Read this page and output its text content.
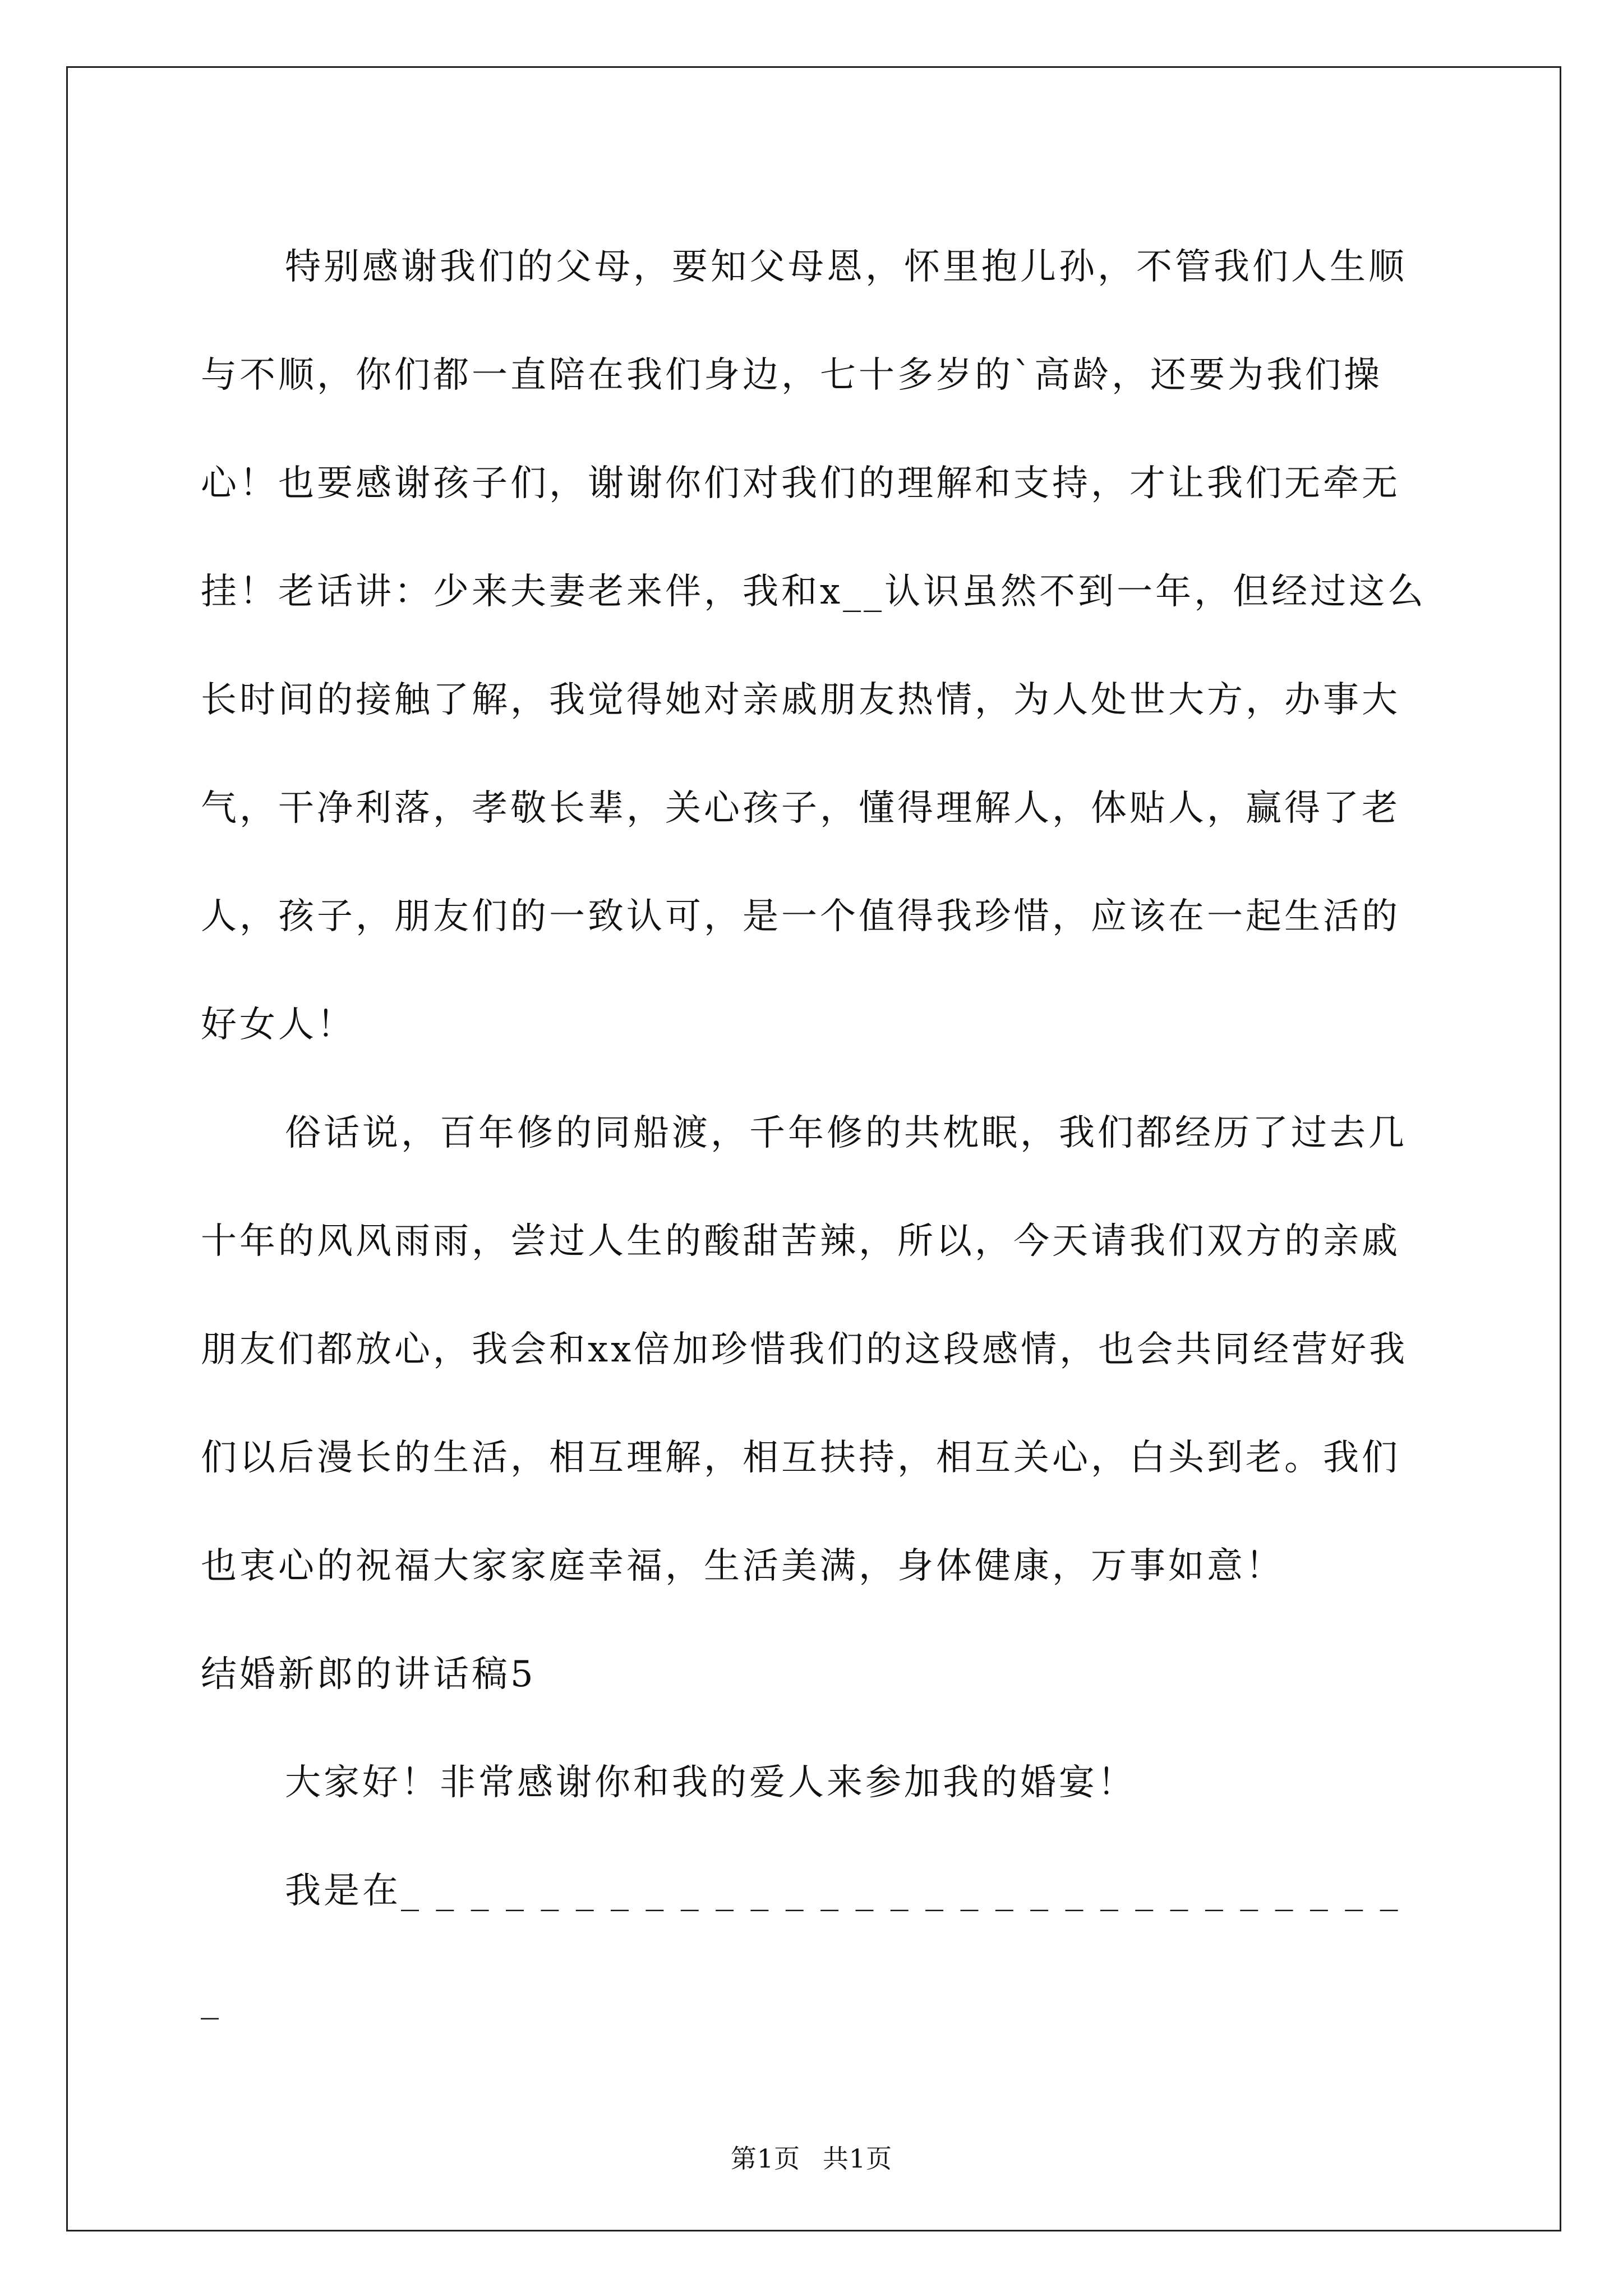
特别感谢我们的父母，要知父母恩，怀里抱儿孙，不管我们人生顺与不顺，你们都一直陪在我们身边，七十多岁的`高龄，还要为我们操心！也要感谢孩子们，谢谢你们对我们的理解和支持，才让我们无牵无挂！老话讲：少来夫妻老来伴，我和x__认识虽然不到一年，但经过这么长时间的接触了解，我觉得她对亲戚朋友热情，为人处世大方，办事大气，干净利落，孝敬长辈，关心孩子，懂得理解人，体贴人，赢得了老人，孩子，朋友们的一致认可，是一个值得我珍惜，应该在一起生活的好女人！

俗话说，百年修的同船渡，千年修的共枕眠，我们都经历了过去几十年的风风雨雨，尝过人生的酸甜苦辣，所以，今天请我们双方的亲戚朋友们都放心，我会和xx倍加珍惜我们的这段感情，也会共同经营好我们以后漫长的生活，相互理解，相互扶持，相互关心，白头到老。我们也衷心的祝福大家家庭幸福，生活美满，身体健康，万事如意！

结婚新郎的讲话稿5

大家好！非常感谢你和我的爱人来参加我的婚宴！

我是在_ _ _ _ _ _ _ _ _ _ _ _ _ _ _ _ _ _ _ _ _ _ _ _ _ _ _ _ _ _

第1页 共1页
